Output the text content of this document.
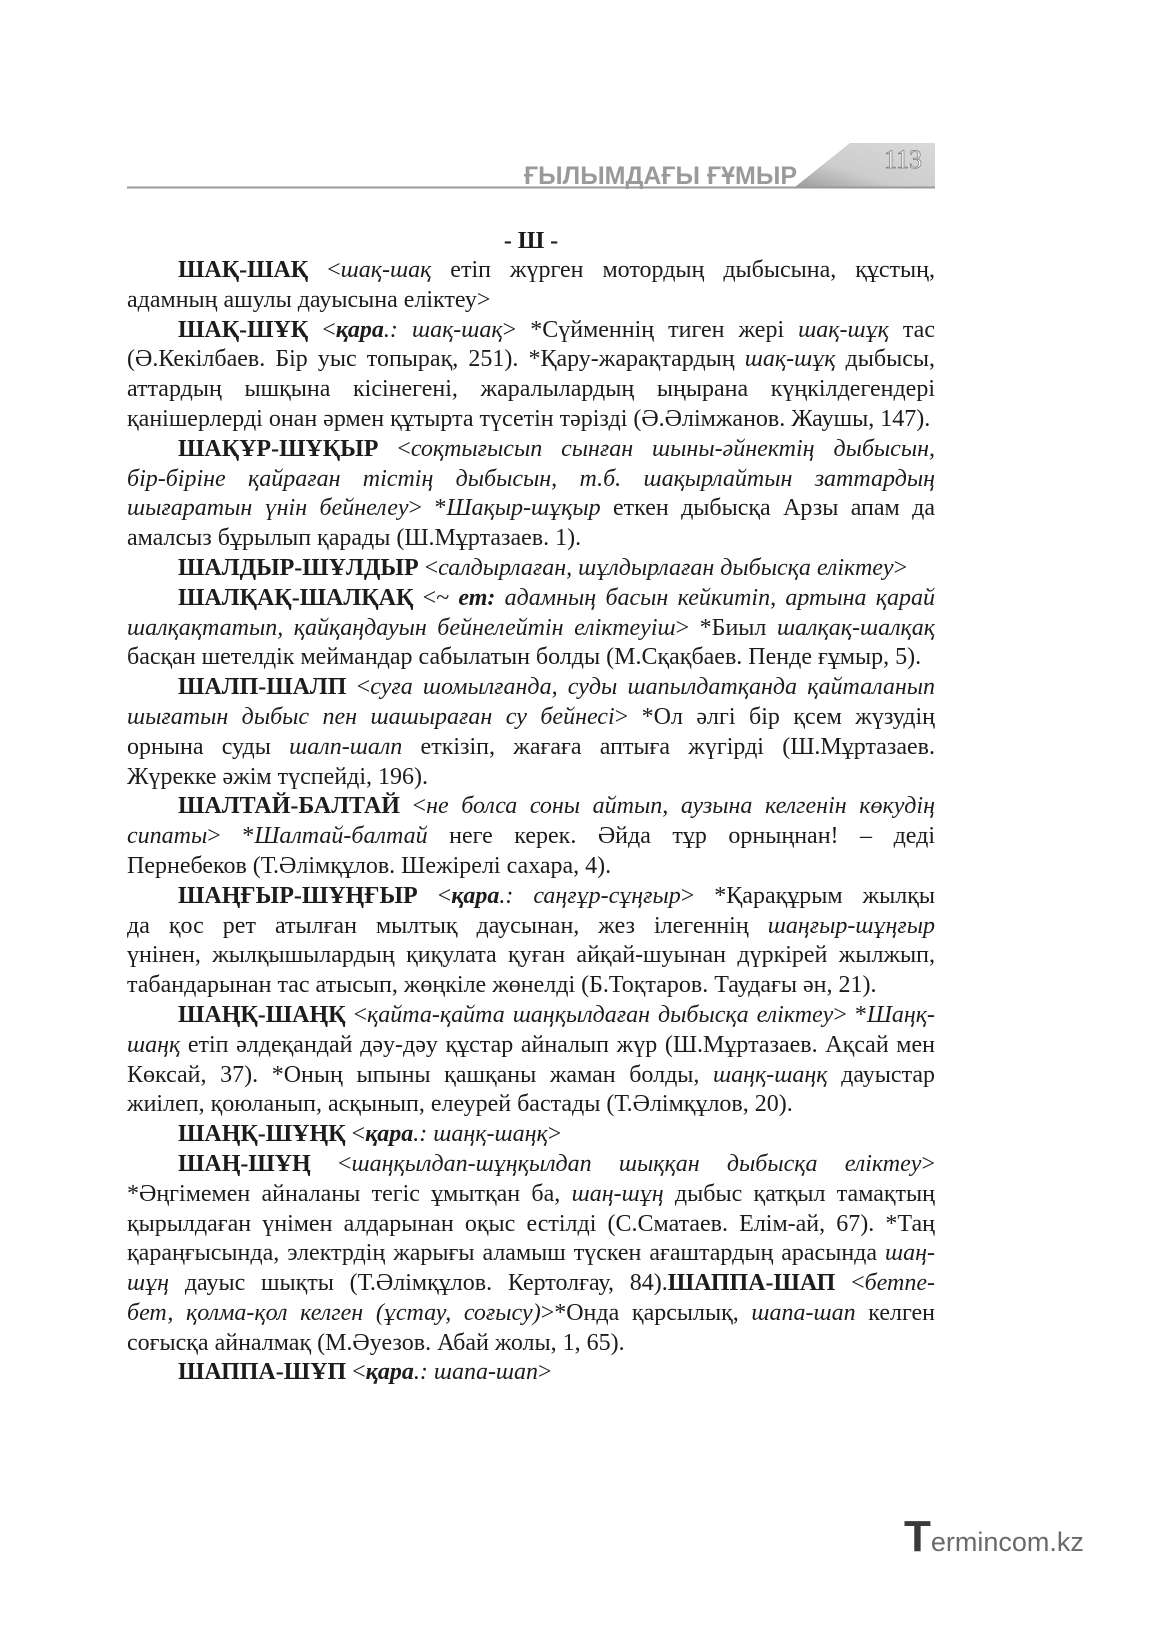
ҒЫЛЫМДАҒЫ ҒҰМЫР
113
- Ш -
ШАҚ-ШАҚ <шақ-шақ етіп жүрген мотордың дыбысына, құстың,
адамның ашулы дауысына еліктеу>
ШАҚ-ШҰҚ <қара.: шақ-шақ> *Сүйменнің тиген жері шақ-шұқ тас
(Ә.Кекілбаев. Бір уыс топырақ, 251). *Қару-жарақтардың шақ-шұқ дыбысы,
аттардың ышқына кісінегені, жаралылардың ыңырана күңкілдегендері
қанішерлерді онан әрмен құтырта түсетін тәрізді (Ә.Әлімжанов. Жаушы, 147).
ШАҚҰР-ШҰҚЫР <соқтығысып сынған шыны-әйнектің дыбысын,
бір-біріне қайраған тістің дыбысын, т.б. шақырлайтын заттардың
шығаратын үнін бейнелеу> *Шақыр-шұқыр еткен дыбысқа Арзы апам да
амалсыз бұрылып қарады (Ш.Мұртазаев. 1).
ШАЛДЫР-ШҰЛДЫР <салдырлаған, шұлдырлаған дыбысқа еліктеу>
ШАЛҚАҚ-ШАЛҚАҚ <~ ет: адамның басын кейкитіп, артына қарай
шалқақтатып, қайқаңдауын бейнелейтін еліктеуіш> *Биыл шалқақ-шалқақ
басқан шетелдік меймандар сабылатын болды (М.Сқақбаев. Пенде ғұмыр, 5).
ШАЛП-ШАЛП <суға шомылғанда, суды шапылдатқанда қайталанып
шығатын дыбыс пен шашыраған су бейнесі> *Ол әлгі бір қсем жүзудің
орнына суды шалп-шалп еткізіп, жағаға аптыға жүгірді (Ш.Мұртазаев.
Жүрекке әжім түспейді, 196).
ШАЛТАЙ-БАЛТАЙ <не болса соны айтып, аузына келгенін көкудің
сипаты> *Шалтай-балтай неге керек. Әйда тұр орныңнан! – деді
Пернебеков (Т.Әлімқұлов. Шежірелі сахара, 4).
ШАҢҒЫР-ШҰҢҒЫР <қара.: саңғұр-сұңғыр> *Қарақұрым жылқы
да қос рет атылған мылтық даусынан, жез ілегеннің шаңғыр-шұңғыр
үнінен, жылқышылардың қиқулата қуған айқай-шуынан дүркірей жылжып,
табандарынан тас атысып, жөңкіле жөнелді (Б.Тоқтаров. Таудағы ән, 21).
ШАҢҚ-ШАҢҚ <қайта-қайта шаңқылдаған дыбысқа еліктеу> *Шаңқ-
шаңқ етіп әлдеқандай дәу-дәу құстар айналып жүр (Ш.Мұртазаев. Ақсай мен
Көксай, 37). *Оның ыпыны қашқаны жаман болды, шаңқ-шаңқ дауыстар
жиілеп, қоюланып, асқынып, елеурей бастады (Т.Әлімқұлов, 20).
ШАҢҚ-ШҰҢҚ <қара.: шаңқ-шаңқ>
ШАҢ-ШҰҢ <шаңқылдап-шұңқылдап шыққан дыбысқа еліктеу>
*Әңгімемен айналаны тегіс ұмытқан ба, шаң-шұң дыбыс қатқыл тамақтың
қырылдаған үнімен алдарынан оқыс естілді (С.Сматаев. Елім-ай, 67). *Таң
қараңғысында, электрдің жарығы аламыш түскен ағаштардың арасында шаң-
шұң дауыс шықты (Т.Әлімқұлов. Кертолғау, 84).ШАППА-ШАП <бетпе-
бет, қолма-қол келген (ұстау, соғысу)>*Онда қарсылық, шапа-шап келген
соғысқа айналмақ (М.Әуезов. Абай жолы, 1, 65).
ШАППА-ШҰП <қара.: шапа-шап>
Termincom.kz
